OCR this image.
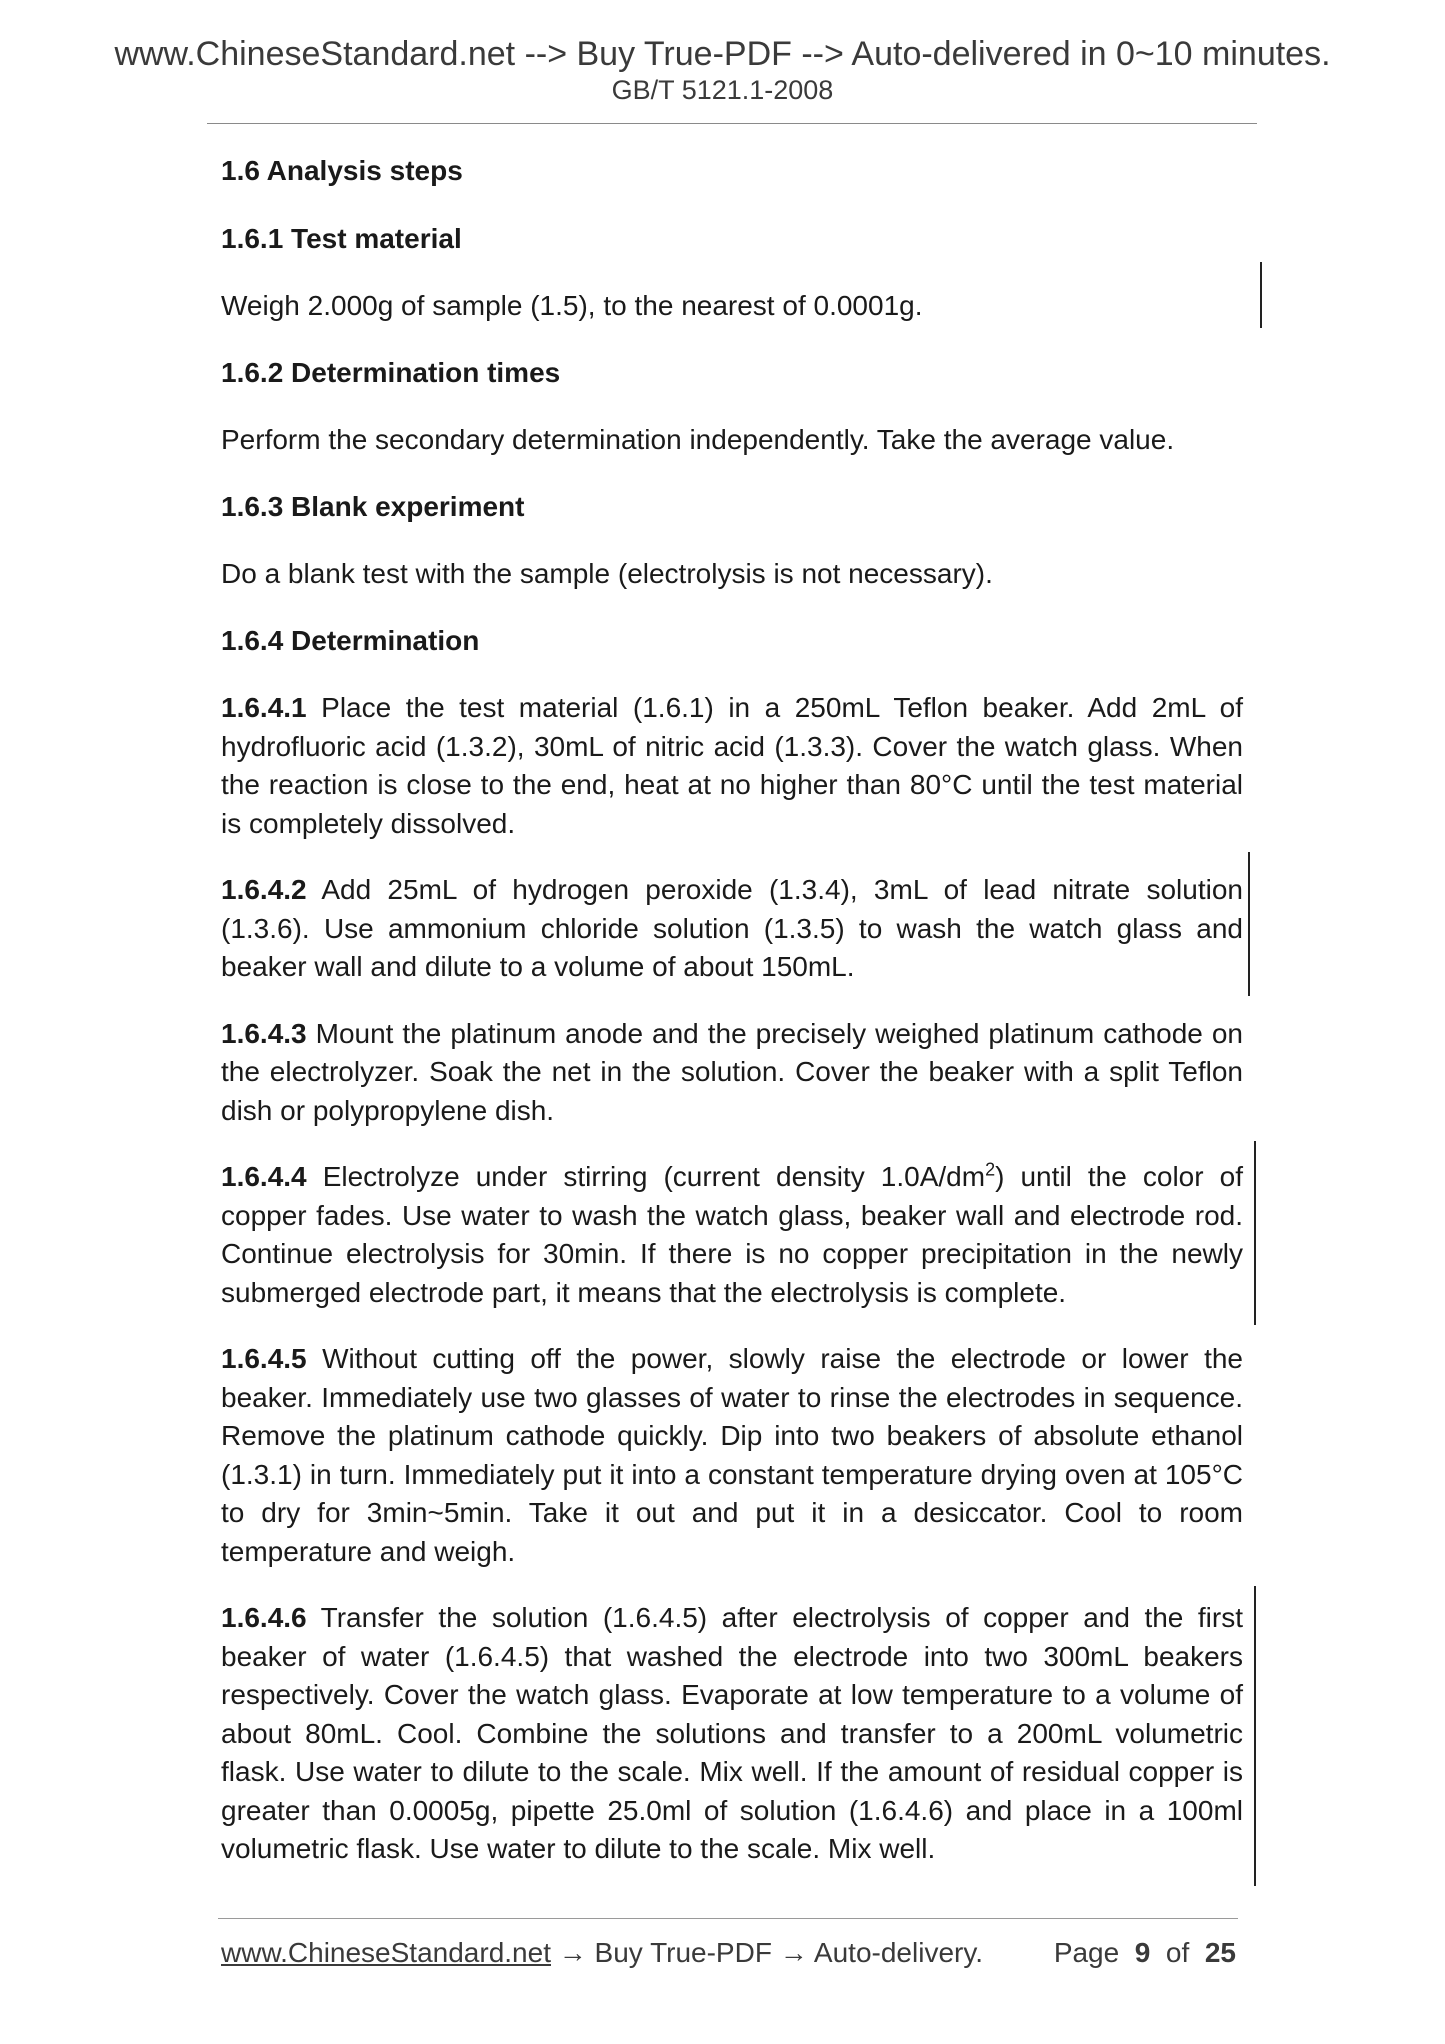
www.ChineseStandard.net --> Buy True-PDF --> Auto-delivered in 0~10 minutes.
GB/T 5121.1-2008

1.6 Analysis steps

1.6.1 Test material

Weigh 2.000g of sample (1.5), to the nearest of 0.0001g.

1.6.2 Determination times

Perform the secondary determination independently. Take the average value.

1.6.3 Blank experiment

Do a blank test with the sample (electrolysis is not necessary).

1.6.4 Determination

1.6.4.1 Place the test material (1.6.1) in a 250mL Teflon beaker. Add 2mL of hydrofluoric acid (1.3.2), 30mL of nitric acid (1.3.3). Cover the watch glass. When the reaction is close to the end, heat at no higher than 80°C until the test material is completely dissolved.

1.6.4.2 Add 25mL of hydrogen peroxide (1.3.4), 3mL of lead nitrate solution (1.3.6). Use ammonium chloride solution (1.3.5) to wash the watch glass and beaker wall and dilute to a volume of about 150mL.

1.6.4.3 Mount the platinum anode and the precisely weighed platinum cathode on the electrolyzer. Soak the net in the solution. Cover the beaker with a split Teflon dish or polypropylene dish.

1.6.4.4 Electrolyze under stirring (current density $1.0A/dm^2$) until the color of copper fades. Use water to wash the watch glass, beaker wall and electrode rod. Continue electrolysis for 30min. If there is no copper precipitation in the newly submerged electrode part, it means that the electrolysis is complete.

1.6.4.5 Without cutting off the power, slowly raise the electrode or lower the beaker. Immediately use two glasses of water to rinse the electrodes in sequence. Remove the platinum cathode quickly. Dip into two beakers of absolute ethanol (1.3.1) in turn. Immediately put it into a constant temperature drying oven at 105°C to dry for 3min~5min. Take it out and put it in a desiccator. Cool to room temperature and weigh.

1.6.4.6 Transfer the solution (1.6.4.5) after electrolysis of copper and the first beaker of water (1.6.4.5) that washed the electrode into two 300mL beakers respectively. Cover the watch glass. Evaporate at low temperature to a volume of about 80mL. Cool. Combine the solutions and transfer to a 200mL volumetric flask. Use water to dilute to the scale. Mix well. If the amount of residual copper is greater than 0.0005g, pipette 25.0ml of solution (1.6.4.6) and place in a 100ml volumetric flask. Use water to dilute to the scale. Mix well.

www.ChineseStandard.net → Buy True-PDF → Auto-delivery.	Page 9 of 25
